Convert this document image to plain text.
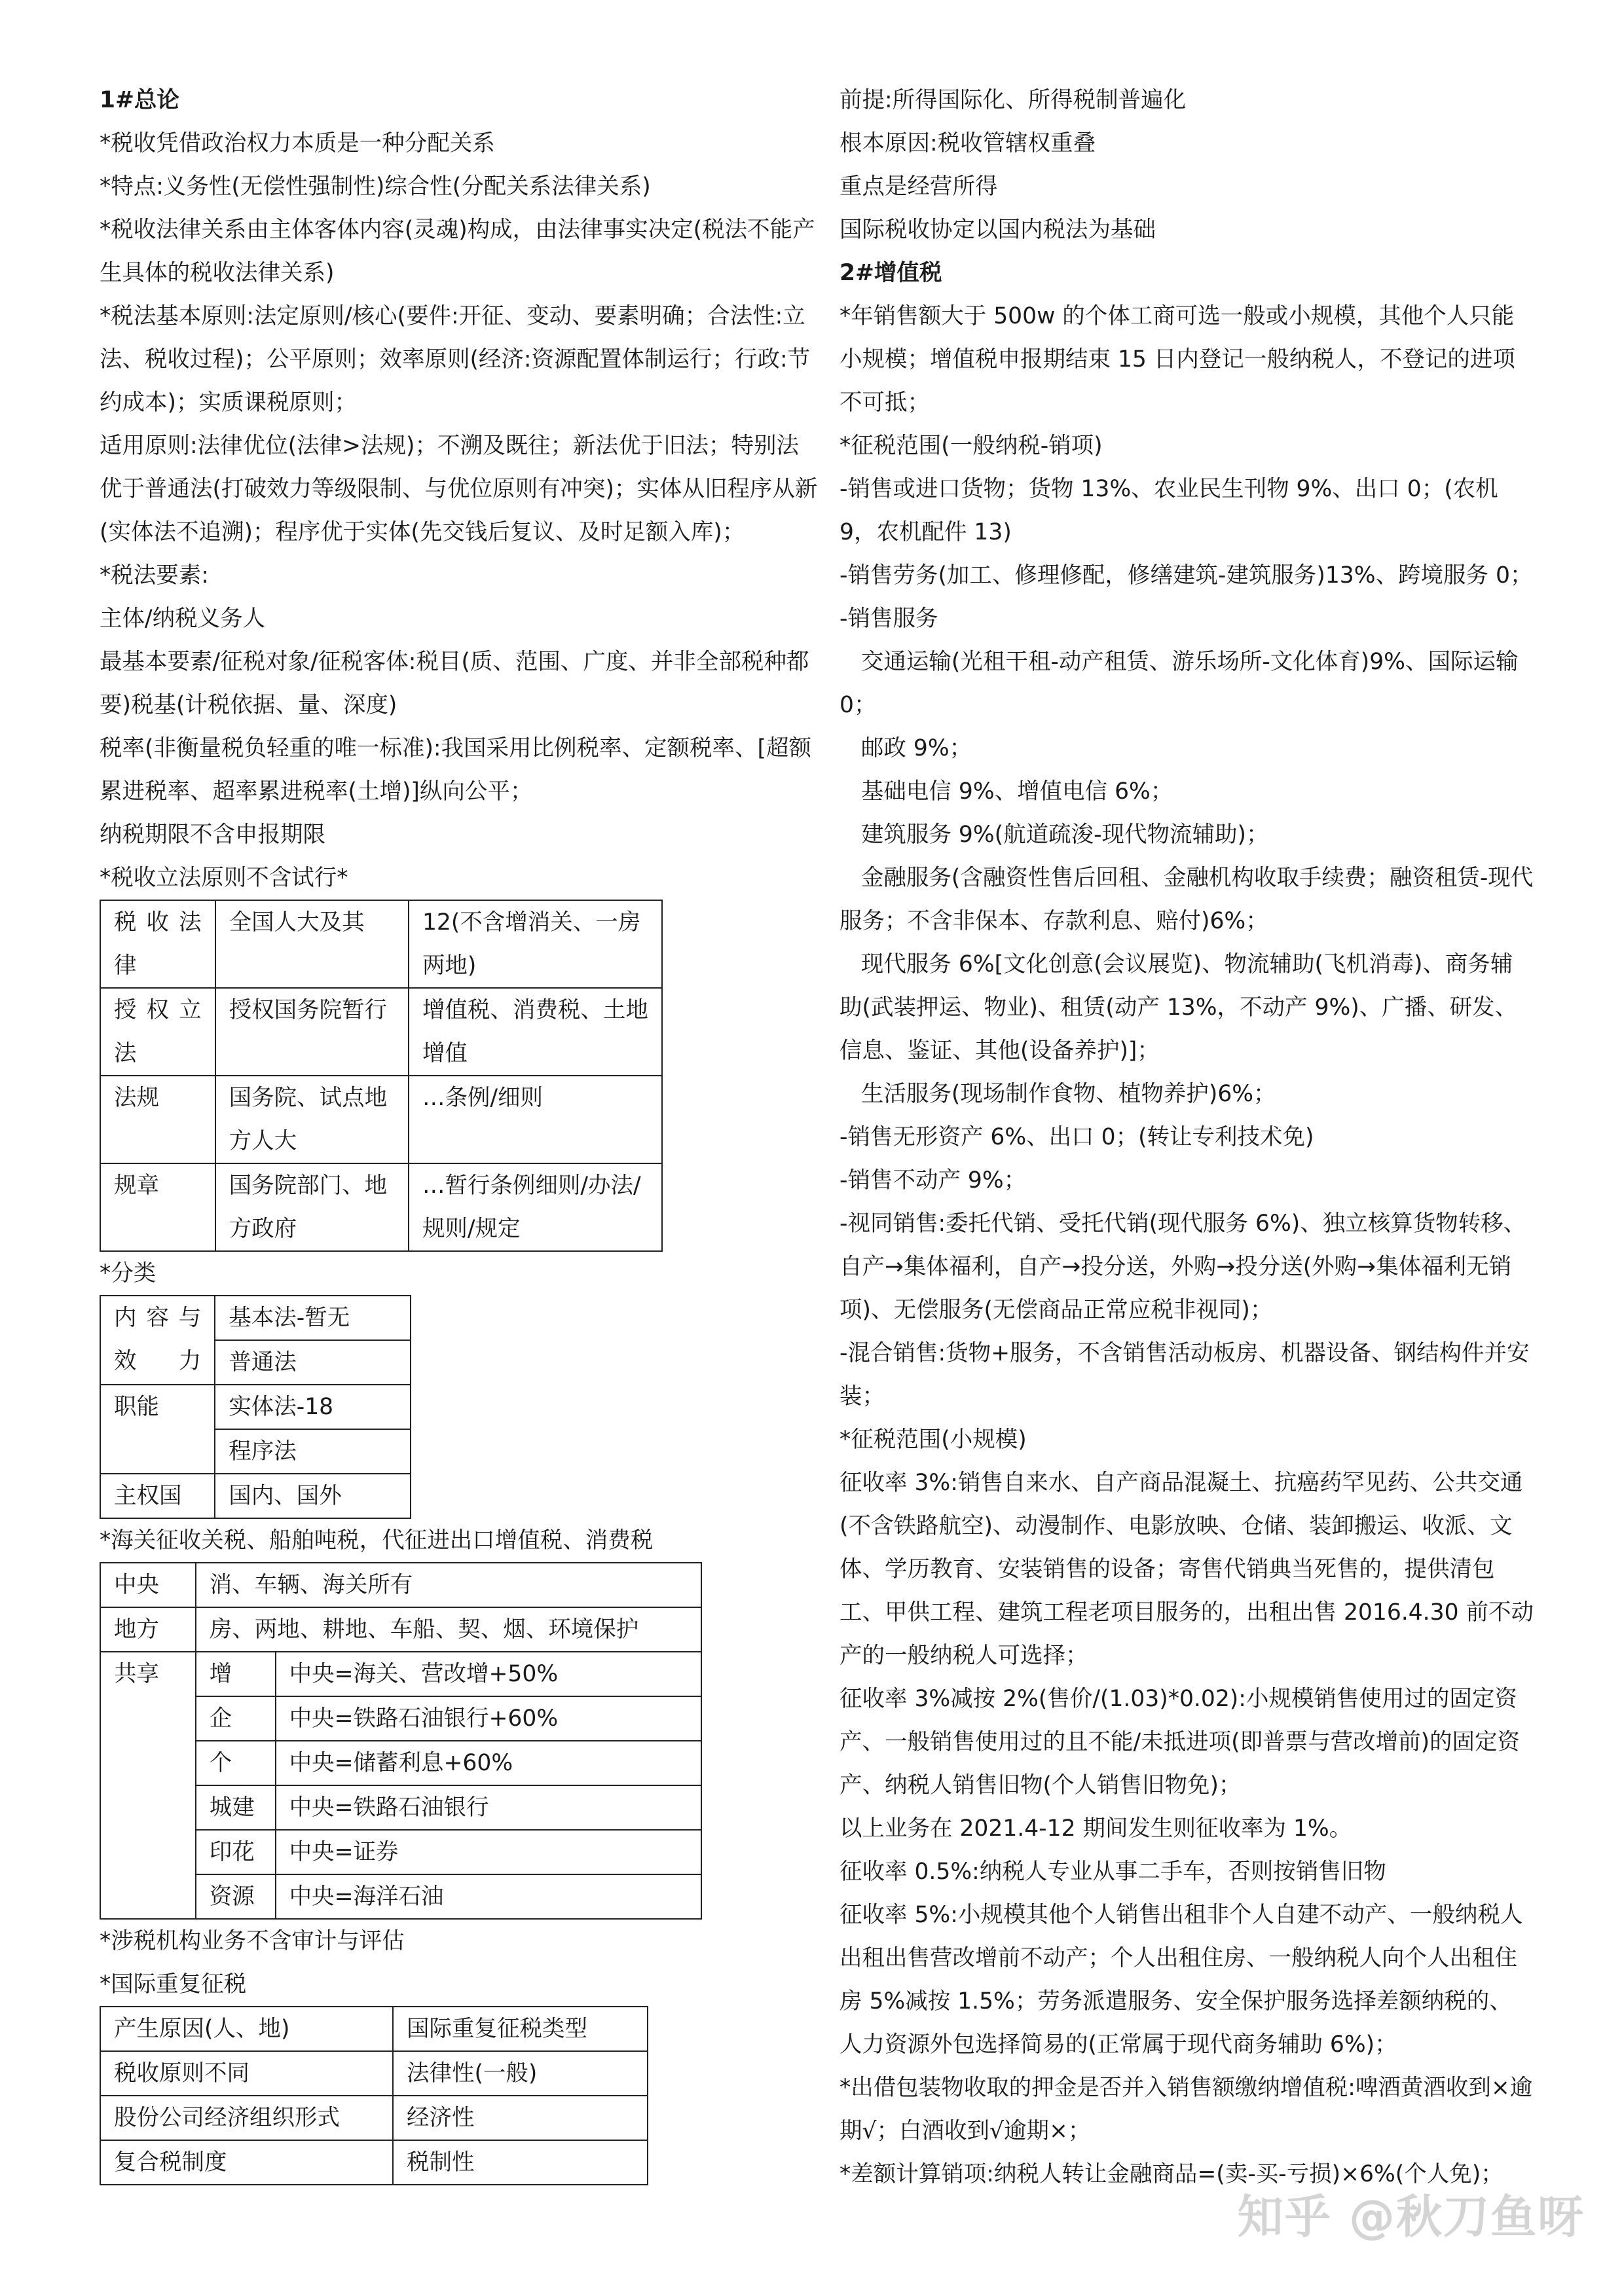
1#总论

*税收凭借政治权力本质是一种分配关系

*特点:义务性(无偿性强制性)综合性(分配关系法律关系)

*税收法律关系由主体客体内容(灵魂)构成，由法律事实决定(税法不能产生具体的税收法律关系)

*税法基本原则:法定原则/核心(要件:开征、变动、要素明确；合法性:立法、税收过程)；公平原则；效率原则(经济:资源配置体制运行；行政:节约成本)；实质课税原则；

适用原则:法律优位(法律>法规)；不溯及既往；新法优于旧法；特别法优于普通法(打破效力等级限制、与优位原则有冲突)；实体从旧程序从新(实体法不追溯)；程序优于实体(先交钱后复议、及时足额入库)；

*税法要素:

主体/纳税义务人

最基本要素/征税对象/征税客体:税目(质、范围、广度、并非全部税种都要)税基(计税依据、量、深度)

税率(非衡量税负轻重的唯一标准):我国采用比例税率、定额税率、[超额累进税率、超率累进税率(土增)]纵向公平；

纳税期限不含申报期限

*税收立法原则不含试行*

税收法律	全国人大及其	12(不含增消关、一房两地)
授权立法	授权国务院暂行	增值税、消费税、土地增值
法规	国务院、试点地方人大	…条例/细则
规章	国务院部门、地方政府	…暂行条例细则/办法/规则/规定

*分类

内容与效力	基本法-暂无
	普通法
职能	实体法-18
	程序法
主权国	国内、国外

*海关征收关税、船舶吨税，代征进出口增值税、消费税

中央	消、车辆、海关所有	
地方	房、两地、耕地、车船、契、烟、环境保护	
共享	增	中央=海关、营改增+50%
	企	中央=铁路石油银行+60%
	个	中央=储蓄利息+60%
	城建	中央=铁路石油银行
	印花	中央=证券
	资源	中央=海洋石油

*涉税机构业务不含审计与评估

*国际重复征税

产生原因(人、地)	国际重复征税类型
税收原则不同	法律性(一般)
股份公司经济组织形式	经济性
复合税制度	税制性

前提:所得国际化、所得税制普遍化

根本原因:税收管辖权重叠

重点是经营所得

国际税收协定以国内税法为基础

2#增值税

*年销售额大于 500w 的个体工商可选一般或小规模，其他个人只能小规模；增值税申报期结束 15 日内登记一般纳税人，不登记的进项不可抵；

*征税范围(一般纳税-销项)

-销售或进口货物；货物 13%、农业民生刊物 9%、出口 0；(农机 9，农机配件 13)

-销售劳务(加工、修理修配，修缮建筑-建筑服务)13%、跨境服务 0；

-销售服务

交通运输(光租干租-动产租赁、游乐场所-文化体育)9%、国际运输 0；

邮政 9%；

基础电信 9%、增值电信 6%；

建筑服务 9%(航道疏浚-现代物流辅助)；

金融服务(含融资性售后回租、金融机构收取手续费；融资租赁-现代服务；不含非保本、存款利息、赔付)6%；

现代服务 6%[文化创意(会议展览)、物流辅助(飞机消毒)、商务辅助(武装押运、物业)、租赁(动产 13%，不动产 9%)、广播、研发、信息、鉴证、其他(设备养护)]；

生活服务(现场制作食物、植物养护)6%；

-销售无形资产 6%、出口 0；(转让专利技术免)

-销售不动产 9%；

-视同销售:委托代销、受托代销(现代服务 6%)、独立核算货物转移、自产→集体福利，自产→投分送，外购→投分送(外购→集体福利无销项)、无偿服务(无偿商品正常应税非视同)；

-混合销售:货物+服务，不含销售活动板房、机器设备、钢结构件并安装；

*征税范围(小规模)

征收率 3%:销售自来水、自产商品混凝土、抗癌药罕见药、公共交通(不含铁路航空)、动漫制作、电影放映、仓储、装卸搬运、收派、文体、学历教育、安装销售的设备；寄售代销典当死售的，提供清包工、甲供工程、建筑工程老项目服务的，出租出售 2016.4.30 前不动产的一般纳税人可选择；

征收率 3%减按 2%(售价/(1.03)*0.02):小规模销售使用过的固定资产、一般销售使用过的且不能/未抵进项(即普票与营改增前)的固定资产、纳税人销售旧物(个人销售旧物免)；

以上业务在 2021.4-12 期间发生则征收率为 1%。

征收率 0.5%:纳税人专业从事二手车，否则按销售旧物

征收率 5%:小规模其他个人销售出租非个人自建不动产、一般纳税人出租出售营改增前不动产；个人出租住房、一般纳税人向个人出租住房 5%减按 1.5%；劳务派遣服务、安全保护服务选择差额纳税的、人力资源外包选择简易的(正常属于现代商务辅助 6%)；

*出借包装物收取的押金是否并入销售额缴纳增值税:啤酒黄酒收到×逾期√；白酒收到√逾期×；

*差额计算销项:纳税人转让金融商品=(卖-买-亏损)×6%(个人免)；

知乎 @秋刀鱼呀
